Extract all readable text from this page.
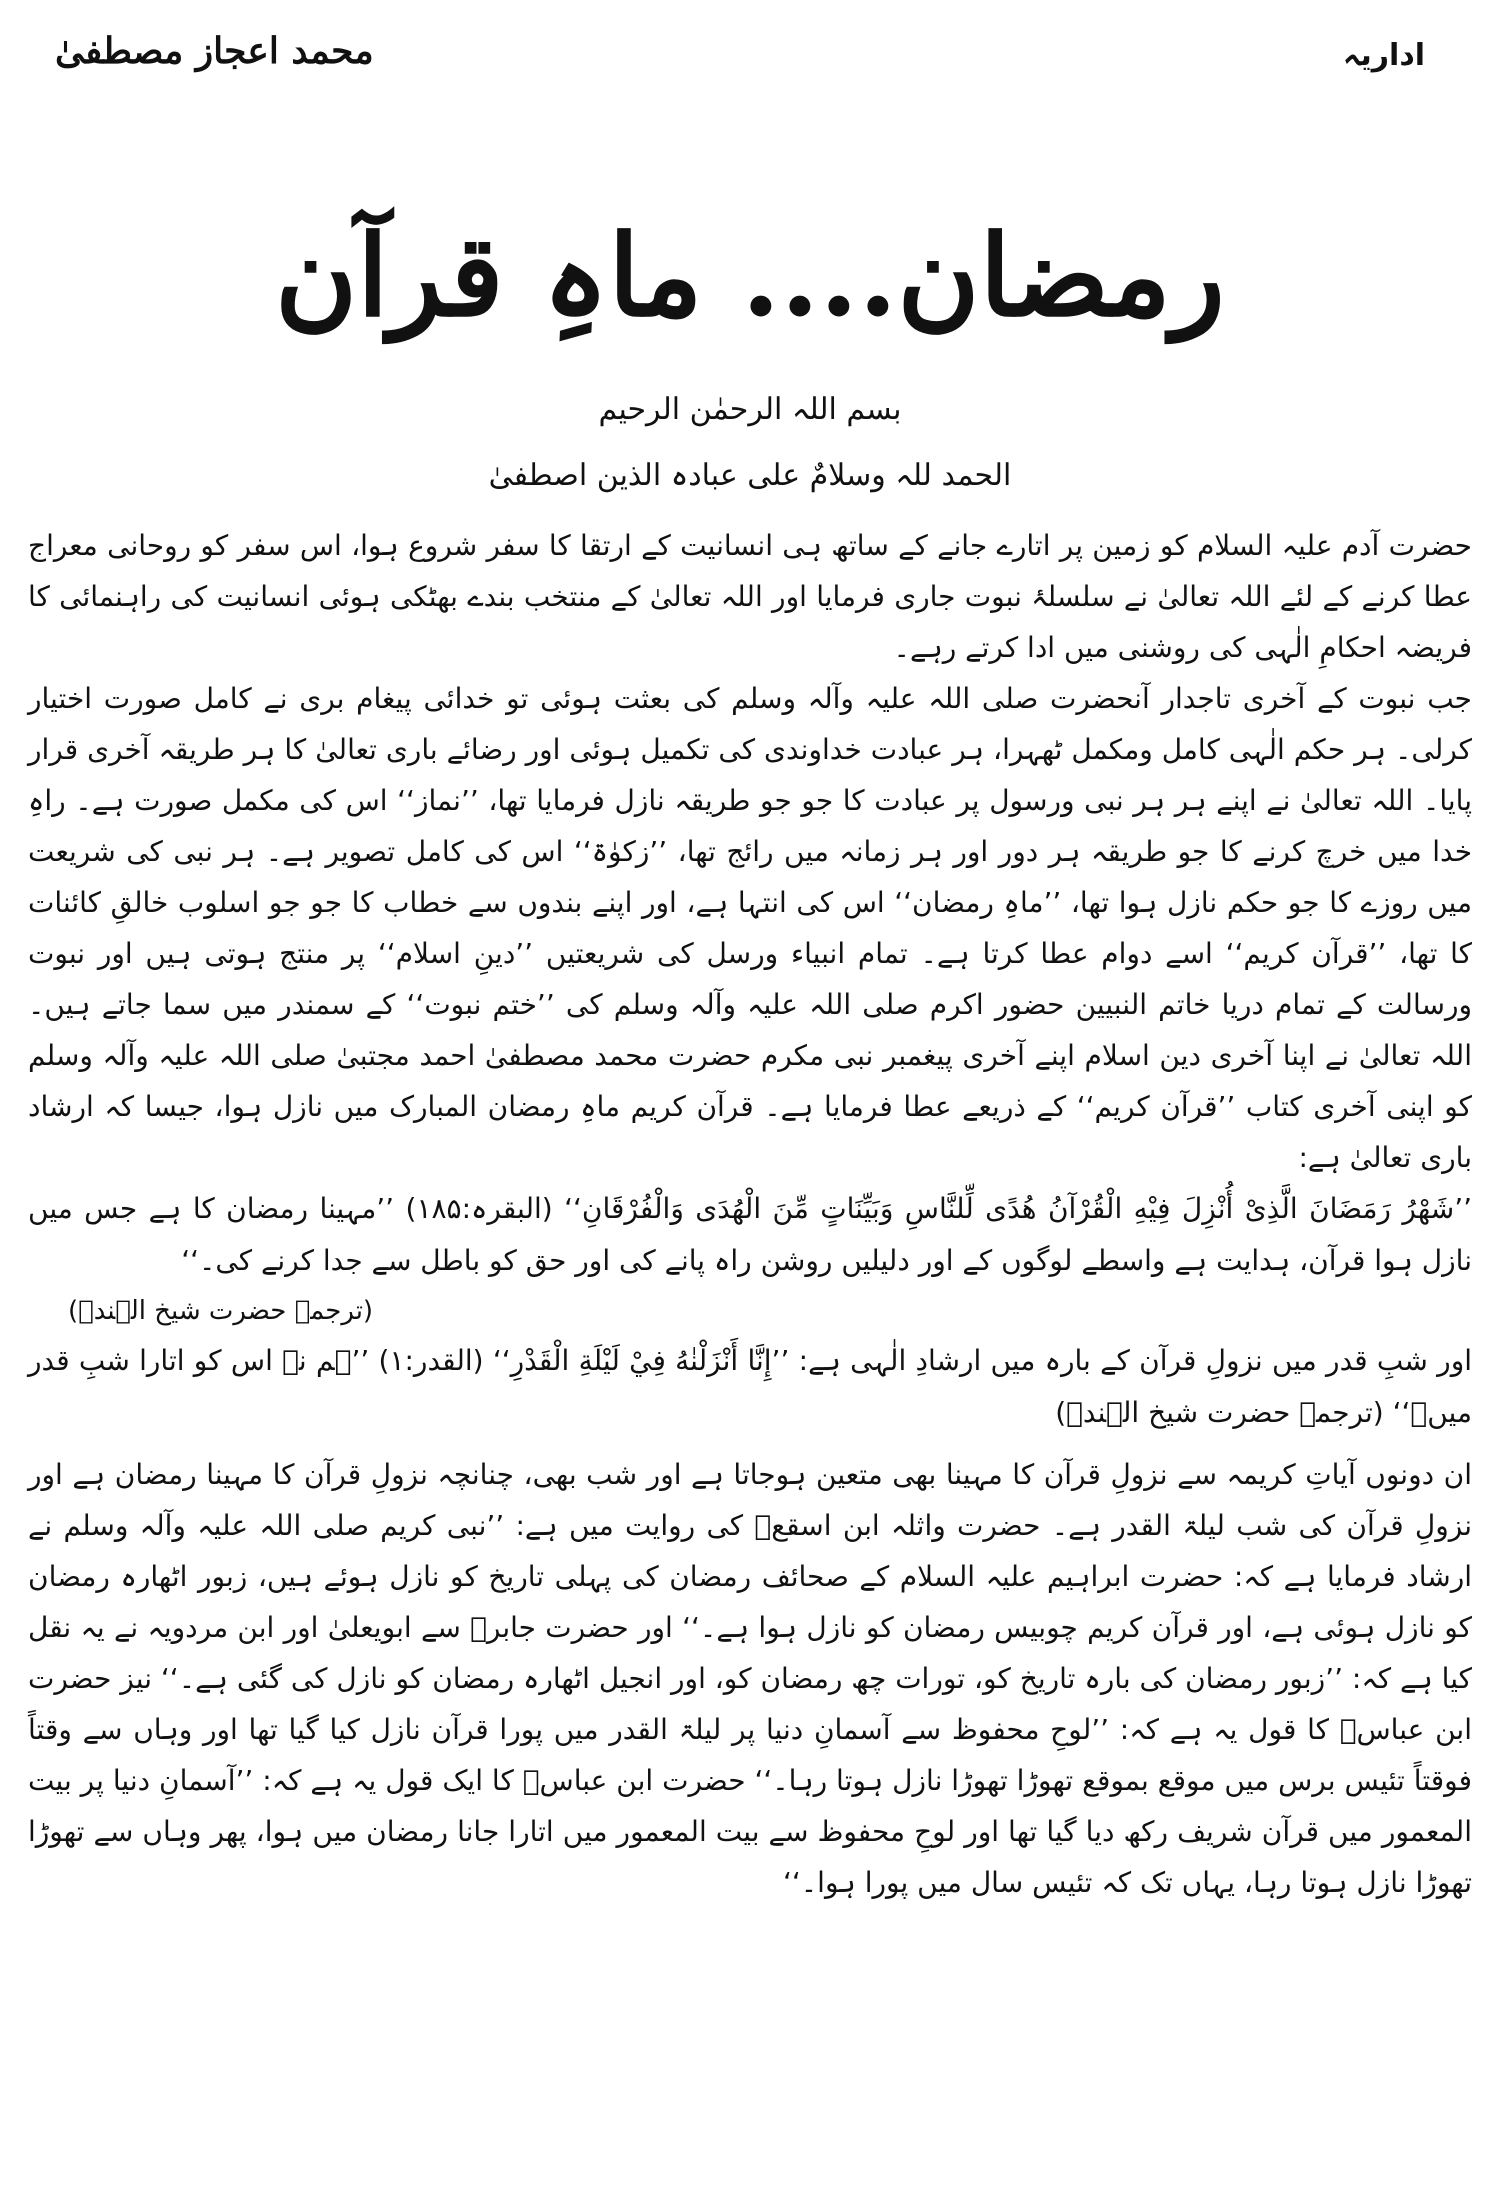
اداریہ
محمد اعجاز مصطفیٰ
رمضان.... ماہِ قرآن
بسم اللہ الرحمٰن الرحیم
الحمد للہ وسلامٌ علی عبادہ الذین اصطفیٰ

حضرت آدم علیہ السلام کو زمین پر اتارے جانے کے ساتھ ہی انسانیت کے ارتقا کا سفر شروع ہوا، اس سفر کو روحانی معراج عطا کرنے کے لئے اللہ تعالیٰ نے سلسلۂ نبوت جاری فرمایا اور اللہ تعالیٰ کے منتخب بندے بھٹکی ہوئی انسانیت کی راہنمائی کا فریضہ احکامِ الٰہی کی روشنی میں ادا کرتے رہے۔

جب نبوت کے آخری تاجدار آنحضرت صلی اللہ علیہ وآلہ وسلم کی بعثت ہوئی تو خدائی پیغام بری نے کامل صورت اختیار کرلی۔ ہر حکم الٰہی کامل ومکمل ٹھہرا، ہر عبادت خداوندی کی تکمیل ہوئی اور رضائے باری تعالیٰ کا ہر طریقہ آخری قرار پایا۔ اللہ تعالیٰ نے اپنے ہر ہر نبی ورسول پر عبادت کا جو جو طریقہ نازل فرمایا تھا، ’’نماز‘‘ اس کی مکمل صورت ہے۔ راہِ خدا میں خرچ کرنے کا جو طریقہ ہر دور اور ہر زمانہ میں رائج تھا، ’’زکوٰۃ‘‘ اس کی کامل تصویر ہے۔ ہر نبی کی شریعت میں روزے کا جو حکم نازل ہوا تھا، ’’ماہِ رمضان‘‘ اس کی انتہا ہے، اور اپنے بندوں سے خطاب کا جو جو اسلوب خالقِ کائنات کا تھا، ’’قرآن کریم‘‘ اسے دوام عطا کرتا ہے۔ تمام انبیاء ورسل کی شریعتیں ’’دینِ اسلام‘‘ پر منتج ہوتی ہیں اور نبوت ورسالت کے تمام دریا خاتم النبیین حضور اکرم صلی اللہ علیہ وآلہ وسلم کی ’’ختم نبوت‘‘ کے سمندر میں سما جاتے ہیں۔ اللہ تعالیٰ نے اپنا آخری دین اسلام اپنے آخری پیغمبر نبی مکرم حضرت محمد مصطفیٰ احمد مجتبیٰ صلی اللہ علیہ وآلہ وسلم کو اپنی آخری کتاب ’’قرآن کریم‘‘ کے ذریعے عطا فرمایا ہے۔ قرآن کریم ماہِ رمضان المبارک میں نازل ہوا، جیسا کہ ارشاد باری تعالیٰ ہے:

’’شَهْرُ رَمَضَانَ الَّذِیْ أُنْزِلَ فِيْهِ الْقُرْآنُ هُدًى لِّلنَّاسِ وَبَيِّنَاتٍ مِّنَ الْهُدَى وَالْفُرْقَانِ‘‘ (البقرہ:۱۸۵) ’’مہینا رمضان کا ہے جس میں نازل ہوا قرآن، ہدایت ہے واسطے لوگوں کے اور دلیلیں روشن راہ پانے کی اور حق کو باطل سے جدا کرنے کی۔‘‘

(ترجمہ حضرت شیخ الہندؒ)

اور شبِ قدر میں نزولِ قرآن کے بارہ میں ارشادِ الٰہی ہے: ’’إِنَّا أَنْزَلْنٰهُ فِيْ لَيْلَةِ الْقَدْرِ‘‘ (القدر:۱) ’’ہم نے اس کو اتارا شبِ قدر میں۔‘‘ (ترجمہ حضرت شیخ الہندؒ)

ان دونوں آیاتِ کریمہ سے نزولِ قرآن کا مہینا بھی متعین ہوجاتا ہے اور شب بھی، چنانچہ نزولِ قرآن کا مہینا رمضان ہے اور نزولِ قرآن کی شب لیلۃ القدر ہے۔ حضرت واثلہ ابن اسقعؓ کی روایت میں ہے: ’’نبی کریم صلی اللہ علیہ وآلہ وسلم نے ارشاد فرمایا ہے کہ: حضرت ابراہیم علیہ السلام کے صحائف رمضان کی پہلی تاریخ کو نازل ہوئے ہیں، زبور اٹھارہ رمضان کو نازل ہوئی ہے، اور قرآن کریم چوبیس رمضان کو نازل ہوا ہے۔‘‘ اور حضرت جابرؓ سے ابویعلیٰ اور ابن مردویہ نے یہ نقل کیا ہے کہ: ’’زبور رمضان کی بارہ تاریخ کو، تورات چھ رمضان کو، اور انجیل اٹھارہ رمضان کو نازل کی گئی ہے۔‘‘ نیز حضرت ابن عباسؓ کا قول یہ ہے کہ: ’’لوحِ محفوظ سے آسمانِ دنیا پر لیلۃ القدر میں پورا قرآن نازل کیا گیا تھا اور وہاں سے وقتاً فوقتاً تئیس برس میں موقع بموقع تھوڑا تھوڑا نازل ہوتا رہا۔‘‘ حضرت ابن عباسؓ کا ایک قول یہ ہے کہ: ’’آسمانِ دنیا پر بیت المعمور میں قرآن شریف رکھ دیا گیا تھا اور لوحِ محفوظ سے بیت المعمور میں اتارا جانا رمضان میں ہوا، پھر وہاں سے تھوڑا تھوڑا نازل ہوتا رہا، یہاں تک کہ تئیس سال میں پورا ہوا۔‘‘
